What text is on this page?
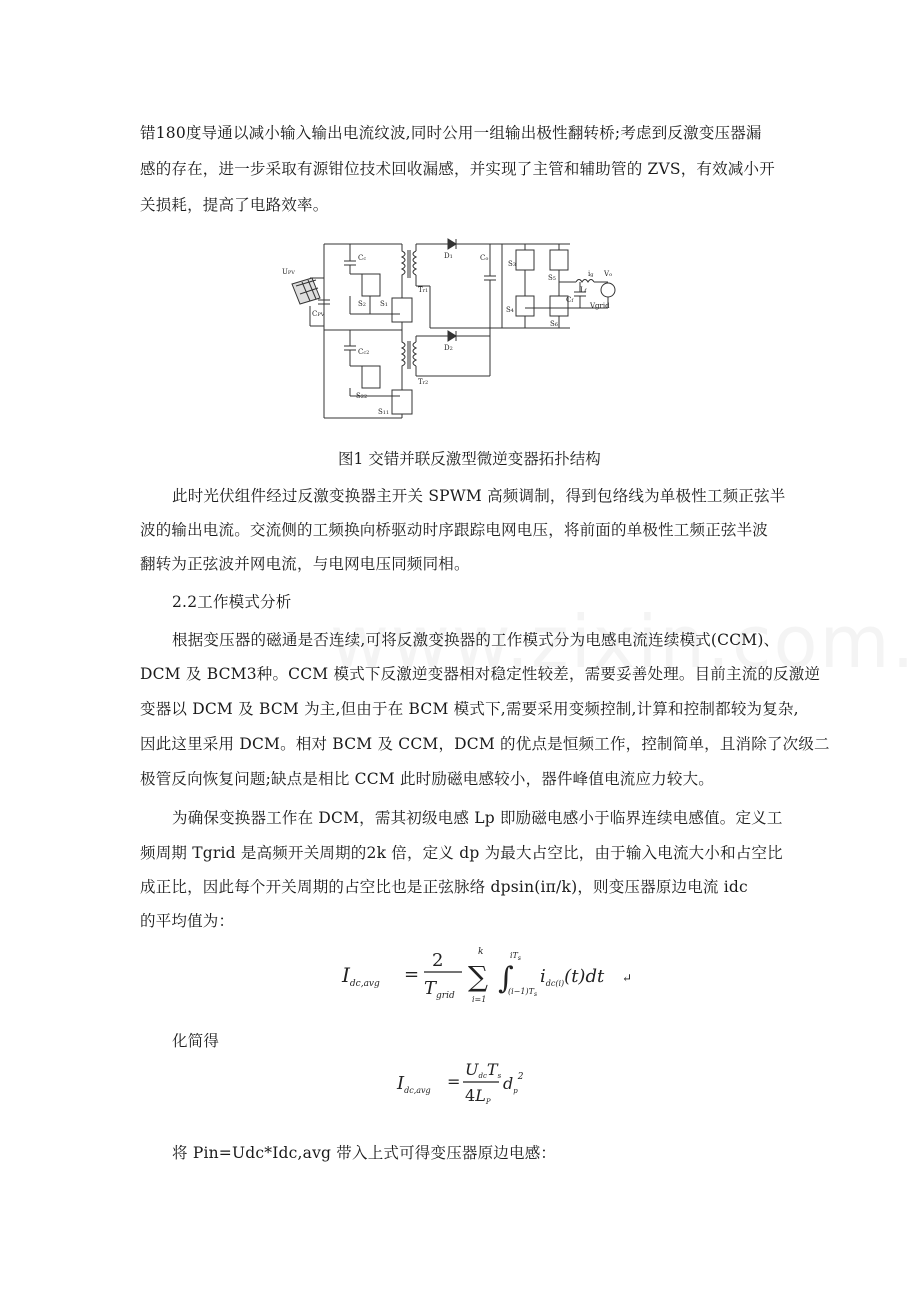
错180度导通以减小输入输出电流纹波,同时公用一组输出极性翻转桥;考虑到反激变压器漏
感的存在，进一步采取有源钳位技术回收漏感，并实现了主管和辅助管的 ZVS，有效减小开
关损耗，提高了电路效率。
UPV
CPV
Cc
Cc2
Tr1
Tr2
S1
S2
S11
S22
D1
D2
Co
S3
S4
S5
S6
Lf
Cf
ig Vo
Vgrid
图1 交错并联反激型微逆变器拓扑结构
此时光伏组件经过反激变换器主开关 SPWM 高频调制，得到包络线为单极性工频正弦半
波的输出电流。交流侧的工频换向桥驱动时序跟踪电网电压，将前面的单极性工频正弦半波
翻转为正弦波并网电流，与电网电压同频同相。
2.2工作模式分析
根据变压器的磁通是否连续,可将反激变换器的工作模式分为电感电流连续模式(CCM)、
DCM 及 BCM3种。CCM 模式下反激逆变器相对稳定性较差，需要妥善处理。目前主流的反激逆
变器以 DCM 及 BCM 为主,但由于在 BCM 模式下,需要采用变频控制,计算和控制都较为复杂,
因此这里采用 DCM。相对 BCM 及 CCM，DCM 的优点是恒频工作，控制简单，且消除了次级二
极管反向恢复问题;缺点是相比 CCM 此时励磁电感较小，器件峰值电流应力较大。
为确保变换器工作在 DCM，需其初级电感 Lp 即励磁电感小于临界连续电感值。定义工
频周期 Tgrid 是高频开关周期的2k 倍，定义 dp 为最大占空比，由于输入电流大小和占空比
成正比，因此每个开关周期的占空比也是正弦脉络 dpsin(iπ/k)，则变压器原边电流 idc
的平均值为：
$I_{dc,avg}$ =
2
$T_{grid}$
∑
k
i=1
∫
$iT_s$
$(i-1)T_s$
$i_{dc(i)}(t)dt$ ↵
化简得
$I_{dc,avg}$ =
UdcTs
4LP
$d_p^2$
将 Pin=Udc*Idc,avg 带入上式可得变压器原边电感：
